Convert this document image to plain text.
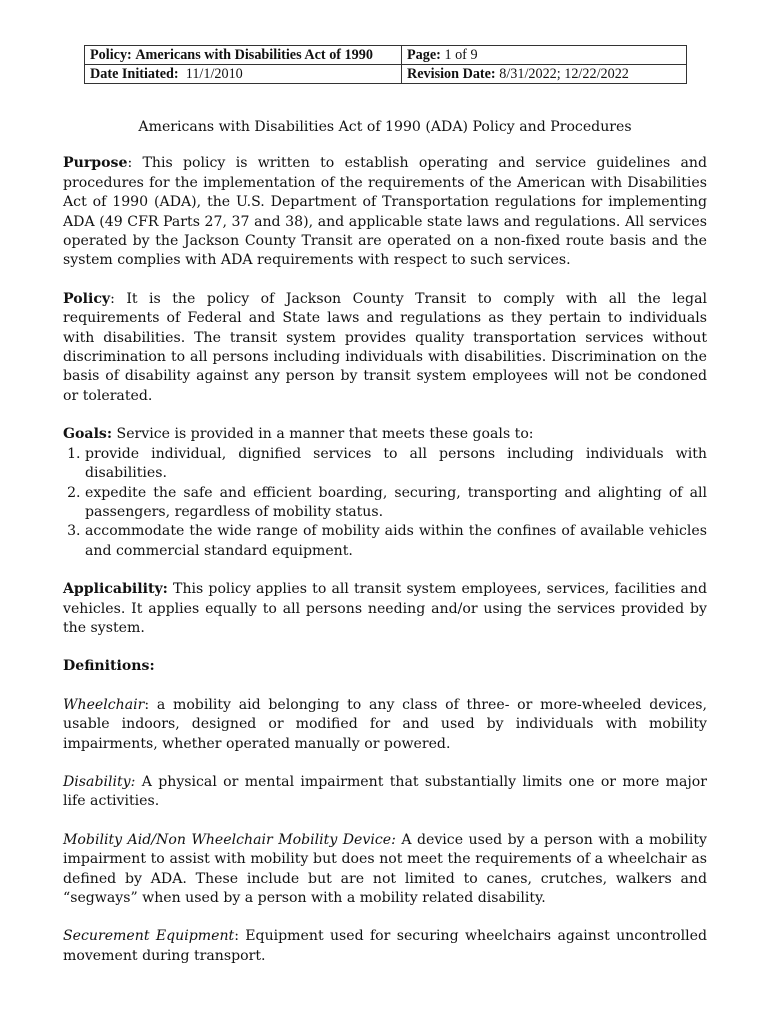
Policy: Americans with Disabilities Act of 1990	Page: 1 of 9
Date Initiated: 11/1/2010	Revision Date: 8/31/2022; 12/22/2022

Americans with Disabilities Act of 1990 (ADA) Policy and Procedures

Purpose: This policy is written to establish operating and service guidelines and procedures for the implementation of the requirements of the American with Disabilities Act of 1990 (ADA), the U.S. Department of Transportation regulations for implementing ADA (49 CFR Parts 27, 37 and 38), and applicable state laws and regulations. All services operated by the Jackson County Transit are operated on a non-fixed route basis and the system complies with ADA requirements with respect to such services.

Policy: It is the policy of Jackson County Transit to comply with all the legal requirements of Federal and State laws and regulations as they pertain to individuals with disabilities. The transit system provides quality transportation services without discrimination to all persons including individuals with disabilities. Discrimination on the basis of disability against any person by transit system employees will not be condoned or tolerated.

Goals: Service is provided in a manner that meets these goals to:

1. provide individual, dignified services to all persons including individuals with disabilities.
2. expedite the safe and efficient boarding, securing, transporting and alighting of all passengers, regardless of mobility status.
3. accommodate the wide range of mobility aids within the confines of available vehicles and commercial standard equipment.

Applicability: This policy applies to all transit system employees, services, facilities and vehicles. It applies equally to all persons needing and/or using the services provided by the system.

Definitions:

Wheelchair: a mobility aid belonging to any class of three- or more-wheeled devices, usable indoors, designed or modified for and used by individuals with mobility impairments, whether operated manually or powered.

Disability: A physical or mental impairment that substantially limits one or more major life activities.

Mobility Aid/Non Wheelchair Mobility Device: A device used by a person with a mobility impairment to assist with mobility but does not meet the requirements of a wheelchair as defined by ADA. These include but are not limited to canes, crutches, walkers and “segways” when used by a person with a mobility related disability.

Securement Equipment: Equipment used for securing wheelchairs against uncontrolled movement during transport.
